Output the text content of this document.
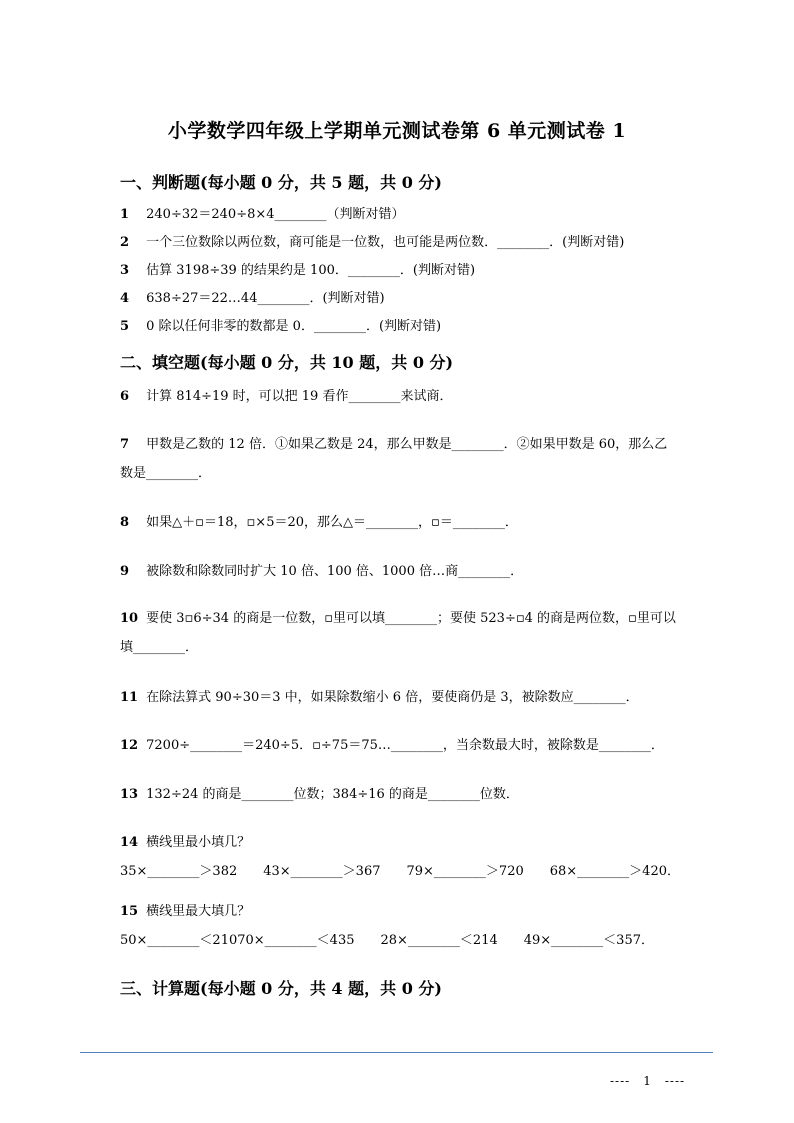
小学数学四年级上学期单元测试卷第 6 单元测试卷 1
一、判断题(每小题 0 分，共 5 题，共 0 分)
1 240÷32＝240÷8×4________（判断对错）
2 一个三位数除以两位数，商可能是一位数，也可能是两位数．________．(判断对错)
3 估算 3198÷39 的结果约是 100．________．(判断对错)
4 638÷27＝22…44________．(判断对错)
5 0 除以任何非零的数都是 0．________．(判断对错)
二、填空题(每小题 0 分，共 10 题，共 0 分)
6 计算 814÷19 时，可以把 19 看作________来试商．
7 甲数是乙数的 12 倍．①如果乙数是 24，那么甲数是________．②如果甲数是 60，那么乙数是________．
8 如果△＋▫＝18，▫×5＝20，那么△＝________，▫＝________．
9 被除数和除数同时扩大 10 倍、100 倍、1000 倍…商________．
10 要使 3▫6÷34 的商是一位数，▫里可以填________；要使 523÷▫4 的商是两位数，▫里可以填________．
11 在除法算式 90÷30＝3 中，如果除数缩小 6 倍，要使商仍是 3，被除数应________．
12 7200÷________＝240÷5．▫÷75＝75…________，当余数最大时，被除数是________．
13 132÷24 的商是________位数；384÷16 的商是________位数．
14 横线里最小填几？
35×________＞382　　43×________＞367　　79×________＞720　　68×________＞420．
15 横线里最大填几？
50×________＜21070×________＜435　　28×________＜214　　49×________＜357．
三、计算题(每小题 0 分，共 4 题，共 0 分)
----　1　----
